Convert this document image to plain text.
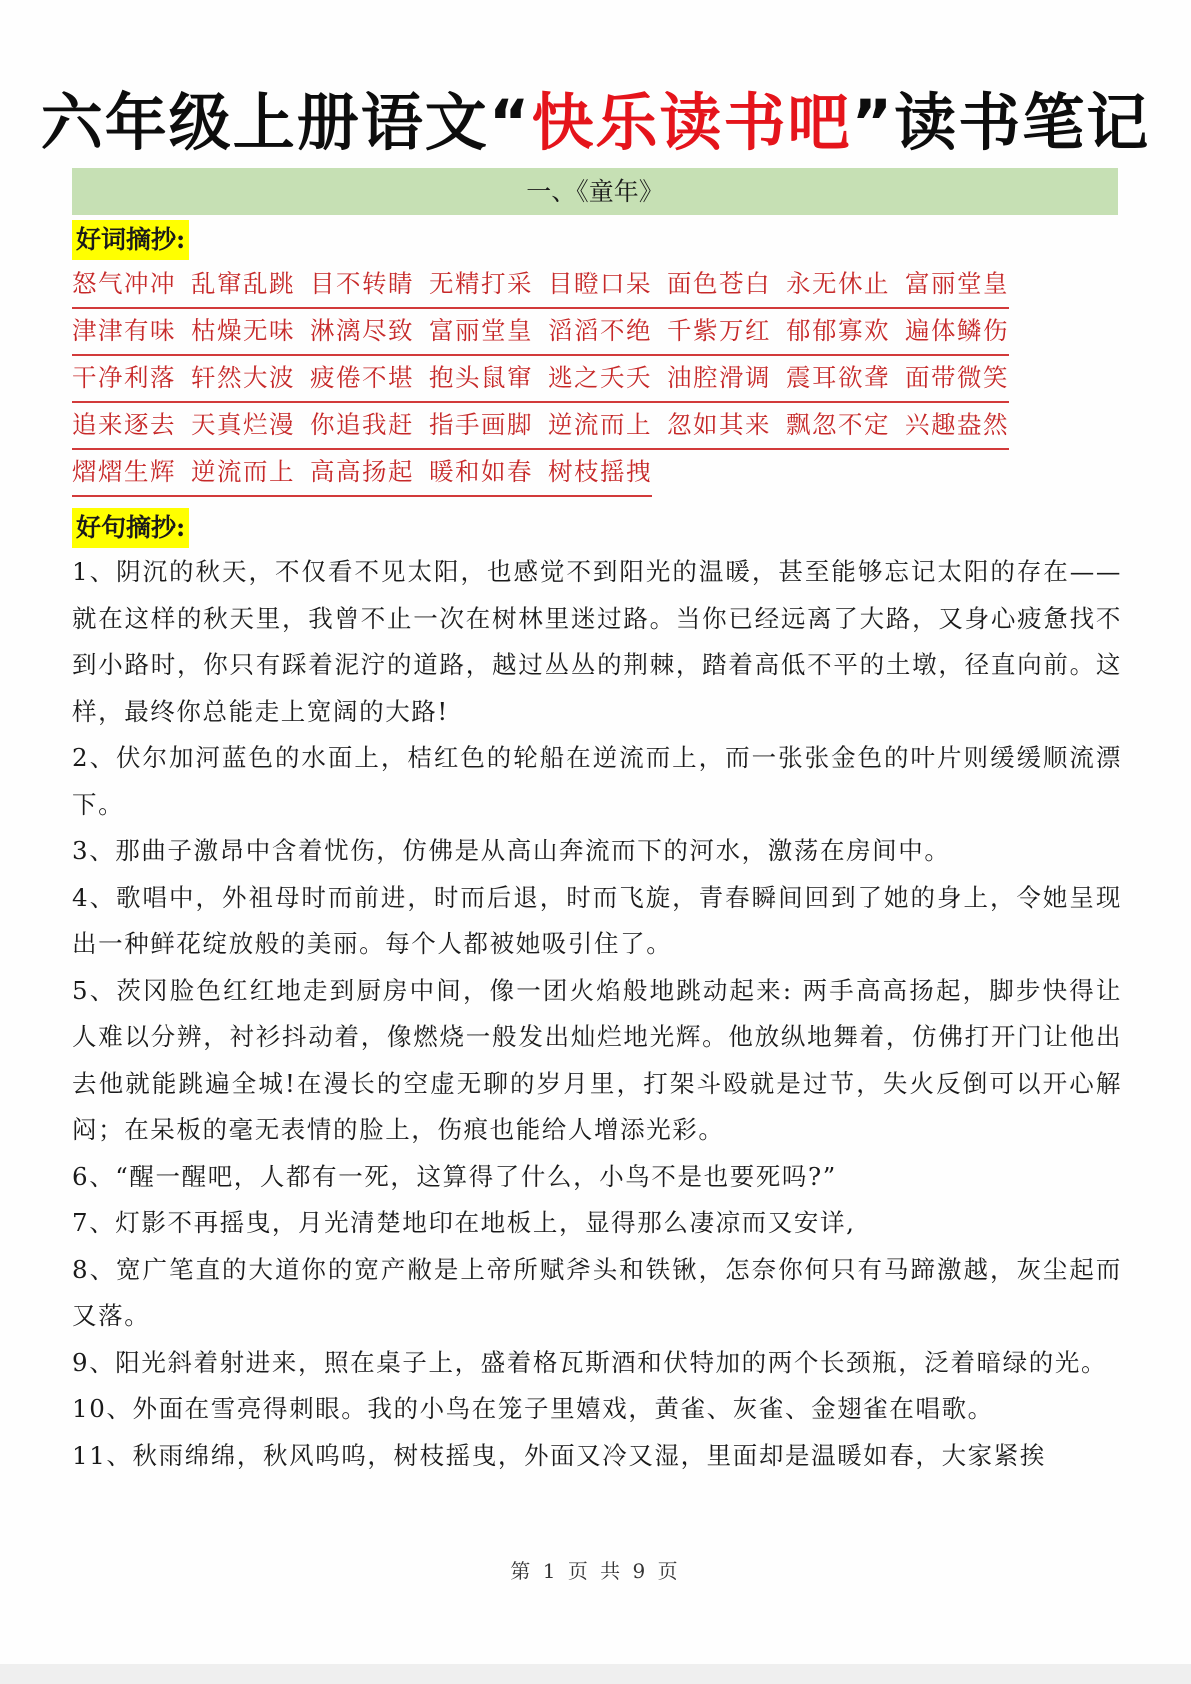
六年级上册语文“快乐读书吧”读书笔记
一、《童年》
好词摘抄:
怒气冲冲 乱窜乱跳 目不转睛 无精打采 目瞪口呆 面色苍白 永无休止 富丽堂皇
津津有味 枯燥无味 淋漓尽致 富丽堂皇 滔滔不绝 千紫万红 郁郁寡欢 遍体鳞伤
干净利落 轩然大波 疲倦不堪 抱头鼠窜 逃之夭夭 油腔滑调 震耳欲聋 面带微笑
追来逐去 天真烂漫 你追我赶 指手画脚 逆流而上 忽如其来 飘忽不定 兴趣盎然
熠熠生辉 逆流而上 高高扬起 暖和如春 树枝摇拽
好句摘抄:

1、阴沉的秋天，不仅看不见太阳，也感觉不到阳光的温暖，甚至能够忘记太阳的存在——就在这样的秋天里，我曾不止一次在树林里迷过路。当你已经远离了大路，又身心疲惫找不到小路时，你只有踩着泥泞的道路，越过丛丛的荆棘，踏着高低不平的土墩，径直向前。这样，最终你总能走上宽阔的大路!

2、伏尔加河蓝色的水面上，桔红色的轮船在逆流而上，而一张张金色的叶片则缓缓顺流漂下。

3、那曲子激昂中含着忧伤，仿佛是从高山奔流而下的河水，激荡在房间中。

4、歌唱中，外祖母时而前进，时而后退，时而飞旋，青春瞬间回到了她的身上，令她呈现出一种鲜花绽放般的美丽。每个人都被她吸引住了。

5、茨冈脸色红红地走到厨房中间，像一团火焰般地跳动起来: 两手高高扬起，脚步快得让人难以分辨，衬衫抖动着，像燃烧一般发出灿烂地光辉。他放纵地舞着，仿佛打开门让他出去他就能跳遍全城!在漫长的空虚无聊的岁月里，打架斗殴就是过节，失火反倒可以开心解闷；在呆板的毫无表情的脸上，伤痕也能给人增添光彩。

6、“醒一醒吧，人都有一死，这算得了什么，小鸟不是也要死吗?”

7、灯影不再摇曳，月光清楚地印在地板上，显得那么凄凉而又安详,

8、宽广笔直的大道你的宽产敝是上帝所赋斧头和铁锹，怎奈你何只有马蹄激越，灰尘起而又落。

9、阳光斜着射进来，照在桌子上，盛着格瓦斯酒和伏特加的两个长颈瓶，泛着暗绿的光。

10、外面在雪亮得刺眼。我的小鸟在笼子里嬉戏，黄雀、灰雀、金翅雀在唱歌。

11、秋雨绵绵，秋风呜呜，树枝摇曳，外面又冷又湿，里面却是温暖如春，大家紧挨

第 1 页 共 9 页
